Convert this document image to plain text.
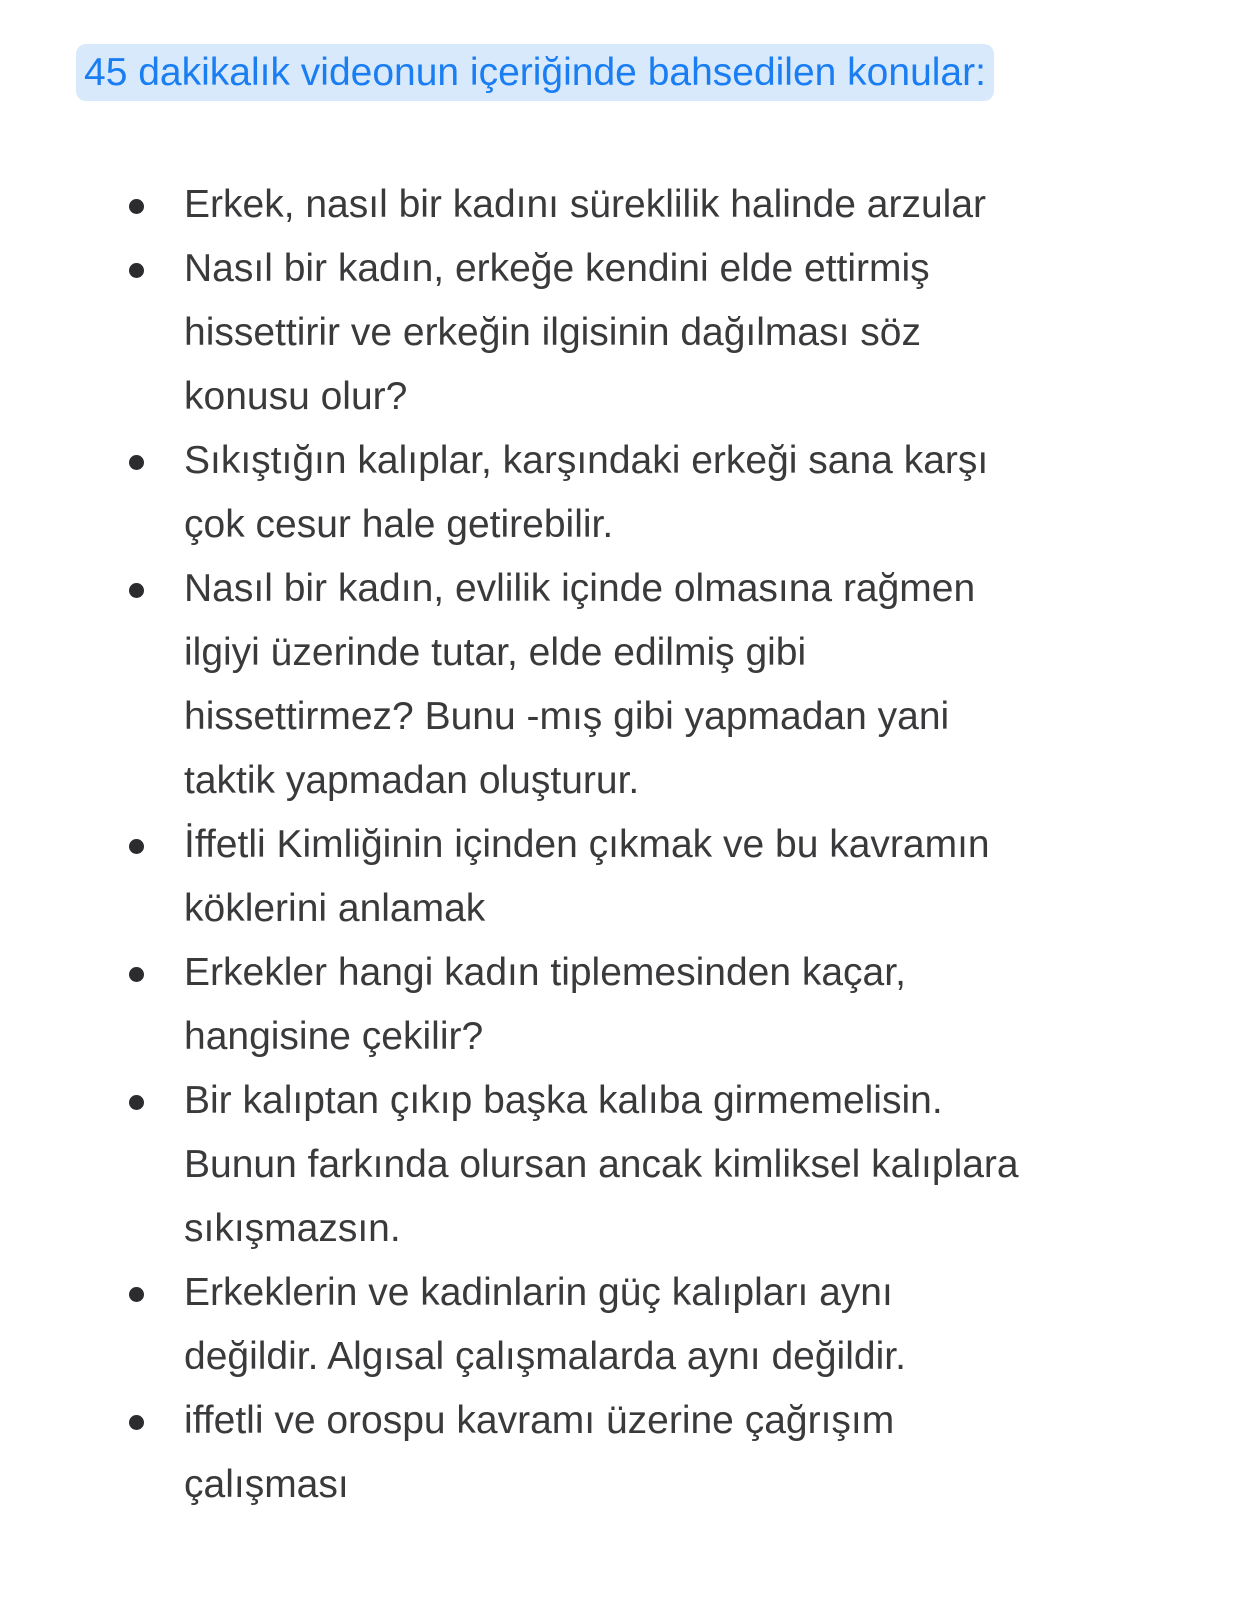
45 dakikalık videonun içeriğinde bahsedilen konular:
Erkek, nasıl bir kadını süreklilik halinde arzular
Nasıl bir kadın, erkeğe kendini elde ettirmiş
hissettirir ve erkeğin ilgisinin dağılması söz
konusu olur?
Sıkıştığın kalıplar, karşındaki erkeği sana karşı
çok cesur hale getirebilir.
Nasıl bir kadın, evlilik içinde olmasına rağmen
ilgiyi üzerinde tutar, elde edilmiş gibi
hissettirmez? Bunu -mış gibi yapmadan yani
taktik yapmadan oluşturur.
İffetli Kimliğinin içinden çıkmak ve bu kavramın
köklerini anlamak
Erkekler hangi kadın tiplemesinden kaçar,
hangisine çekilir?
Bir kalıptan çıkıp başka kalıba girmemelisin.
Bunun farkında olursan ancak kimliksel kalıplara
sıkışmazsın.
Erkeklerin ve kadinlarin güç kalıpları aynı
değildir. Algısal çalışmalarda aynı değildir.
iffetli ve orospu kavramı üzerine çağrışım
çalışması
